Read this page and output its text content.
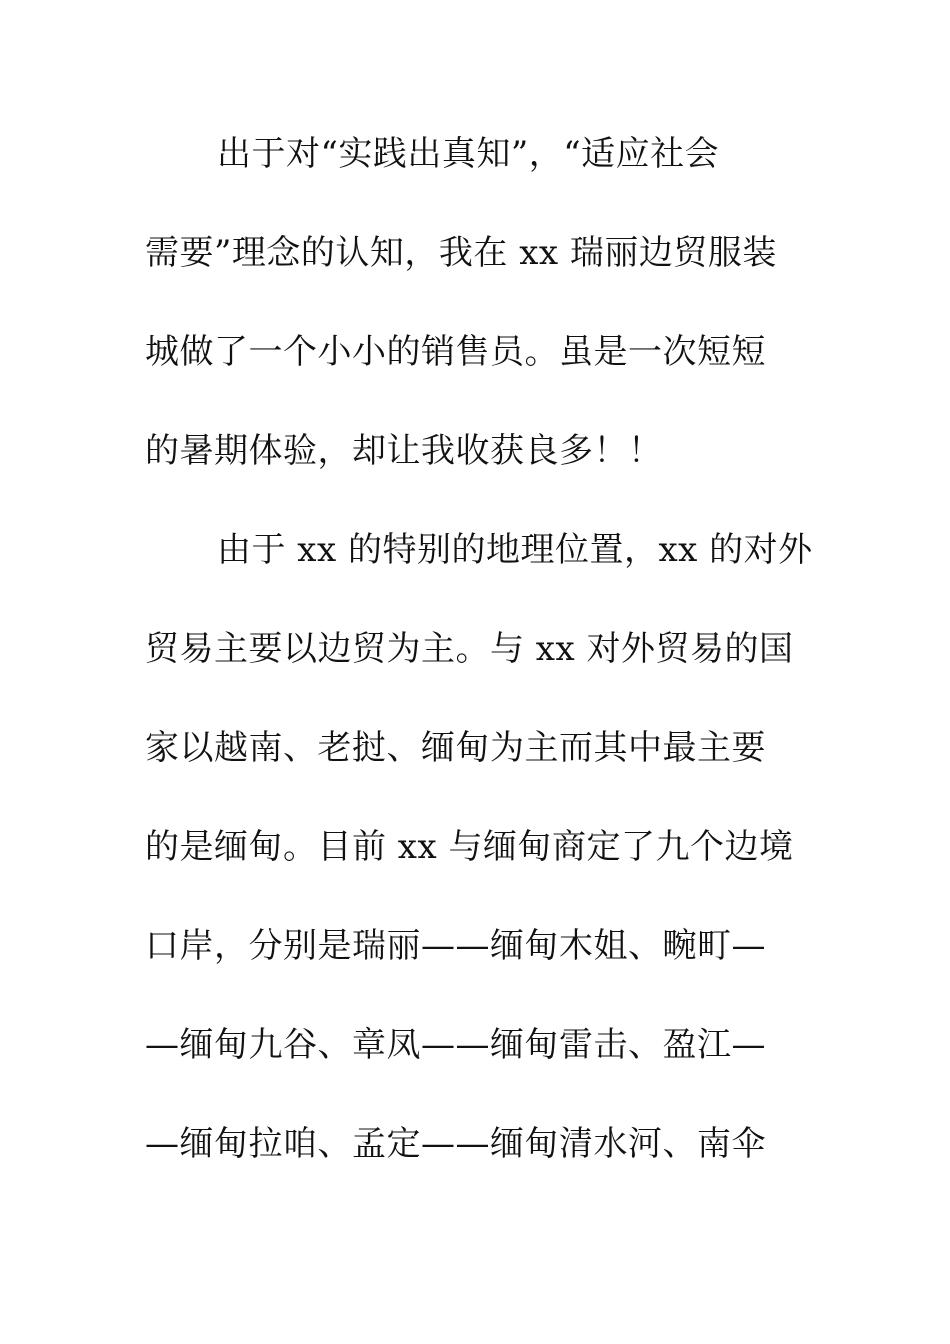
出于对“实践出真知”，“适应社会
需要”理念的认知，我在 xx 瑞丽边贸服装
城做了一个小小的销售员。虽是一次短短
的暑期体验，却让我收获良多！！
由于 xx 的特别的地理位置，xx 的对外
贸易主要以边贸为主。与 xx 对外贸易的国
家以越南、老挝、缅甸为主而其中最主要
的是缅甸。目前 xx 与缅甸商定了九个边境
口岸，分别是瑞丽——缅甸木姐、畹町—
—缅甸九谷、章凤——缅甸雷击、盈江—
—缅甸拉咱、孟定——缅甸清水河、南伞
